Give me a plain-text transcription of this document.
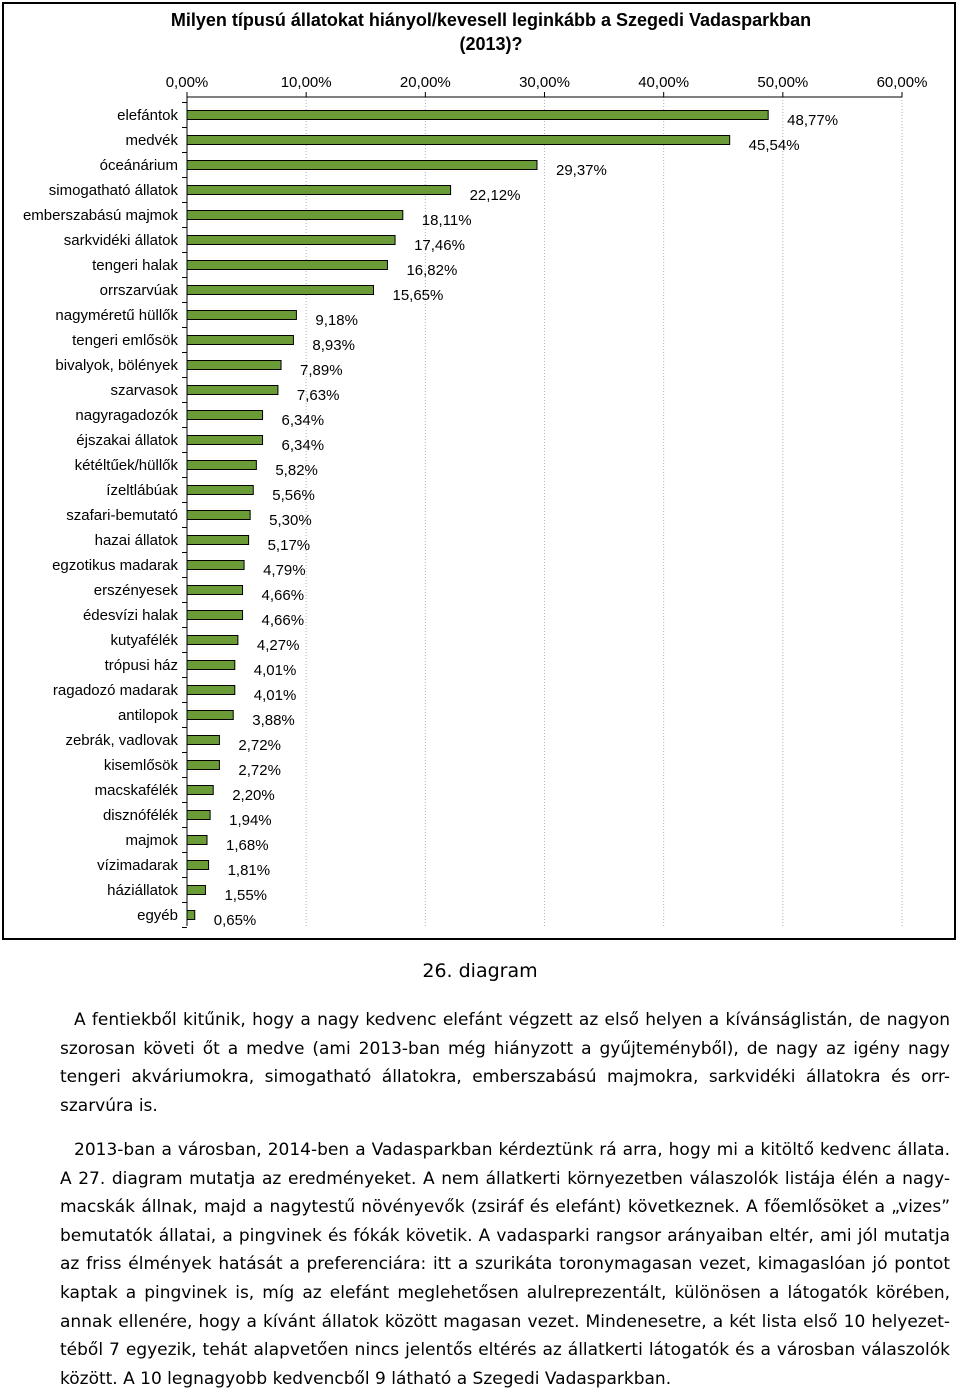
Milyen típusú állatokat hiányol/kevesell leginkább a Szegedi Vadasparkban
(2013)?
0,00%	10,00%	20,00%	30,00%	40,00%	50,00%	60,00%
elefántok	48,77%
medvék	45,54%
óceánárium	29,37%
simogatható állatok	22,12%
emberszabású majmok	18,11%
sarkvidéki állatok	17,46%
tengeri halak	16,82%
orrszarvúak	15,65%
nagyméretű hüllők	9,18%
tengeri emlősök	8,93%
bivalyok, bölények	7,89%
szarvasok	7,63%
nagyragadozók	6,34%
éjszakai állatok	6,34%
kétéltűek/hüllők	5,82%
ízeltlábúak	5,56%
szafari-bemutató	5,30%
hazai állatok	5,17%
egzotikus madarak	4,79%
erszényesek	4,66%
édesvízi halak	4,66%
kutyafélék	4,27%
trópusi ház	4,01%
ragadozó madarak	4,01%
antilopok	3,88%
zebrák, vadlovak	2,72%
kisemlősök	2,72%
macskafélék	2,20%
disznófélék	1,94%
majmok	1,68%
vízimadarak	1,81%
háziállatok	1,55%
egyéb 0,65%
26. diagram

A fentiekből kitűnik, hogy a nagy kedvenc elefánt végzett az első helyen a kívánságlistán, de nagyon szorosan követi őt a medve (ami 2013-ban még hiányzott a gyűjteményből), de nagy az igény nagy tengeri akváriumokra, simogatható állatokra, emberszabású majmokra, sarkvidéki állatokra és orr-szarvúra is.

2013-ban a városban, 2014-ben a Vadasparkban kérdeztünk rá arra, hogy mi a kitöltő kedvenc állata. A 27. diagram mutatja az eredményeket. A nem állatkerti környezetben válaszolók listája élén a nagy-macskák állnak, majd a nagytestű növényevők (zsiráf és elefánt) következnek. A főemlősöket a „vizes” bemutatók állatai, a pingvinek és fókák követik. A vadasparki rangsor arányaiban eltér, ami jól mutatja az friss élmények hatását a preferenciára: itt a szurikáta toronymagasan vezet, kimagaslóan jó pontot kaptak a pingvinek is, míg az elefánt meglehetősen alulreprezentált, különösen a látogatók körében, annak ellenére, hogy a kívánt állatok között magasan vezet. Mindenesetre, a két lista első 10 helyezet-téből 7 egyezik, tehát alapvetően nincs jelentős eltérés az állatkerti látogatók és a városban válaszolók között. A 10 legnagyobb kedvencből 9 látható a Szegedi Vadasparkban.
